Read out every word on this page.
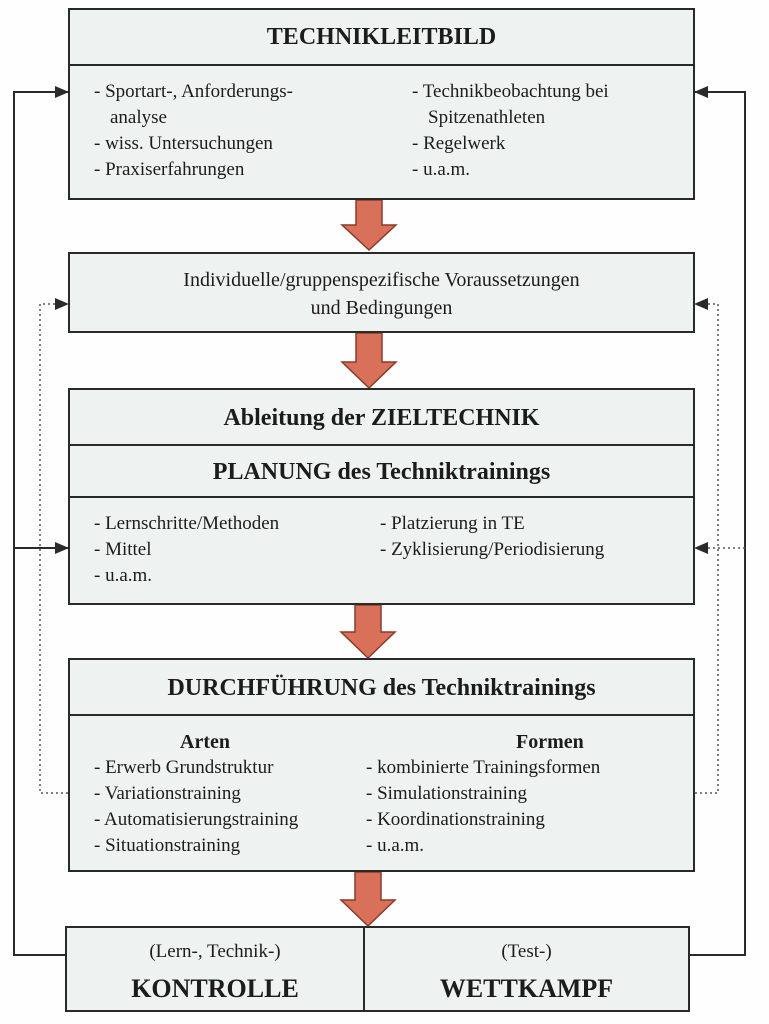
TECHNIKLEITBILD
- Sportart-, Anforderungs-
analyse
- wiss. Untersuchungen
- Praxiserfahrungen
- Technikbeobachtung bei
Spitzenathleten
- Regelwerk
- u.a.m.
Individuelle/gruppenspezifische Voraussetzungen
und Bedingungen
Ableitung der ZIELTECHNIK
PLANUNG des Techniktrainings
- Lernschritte/Methoden
- Mittel
- u.a.m.
- Platzierung in TE
- Zyklisierung/Periodisierung
DURCHFÜHRUNG des Techniktrainings
Arten
- Erwerb Grundstruktur
- Variationstraining
- Automatisierungstraining
- Situationstraining
Formen
- kombinierte Trainingsformen
- Simulationstraining
- Koordinationstraining
- u.a.m.
(Lern-, Technik-)
KONTROLLE
(Test-)
WETTKAMPF
